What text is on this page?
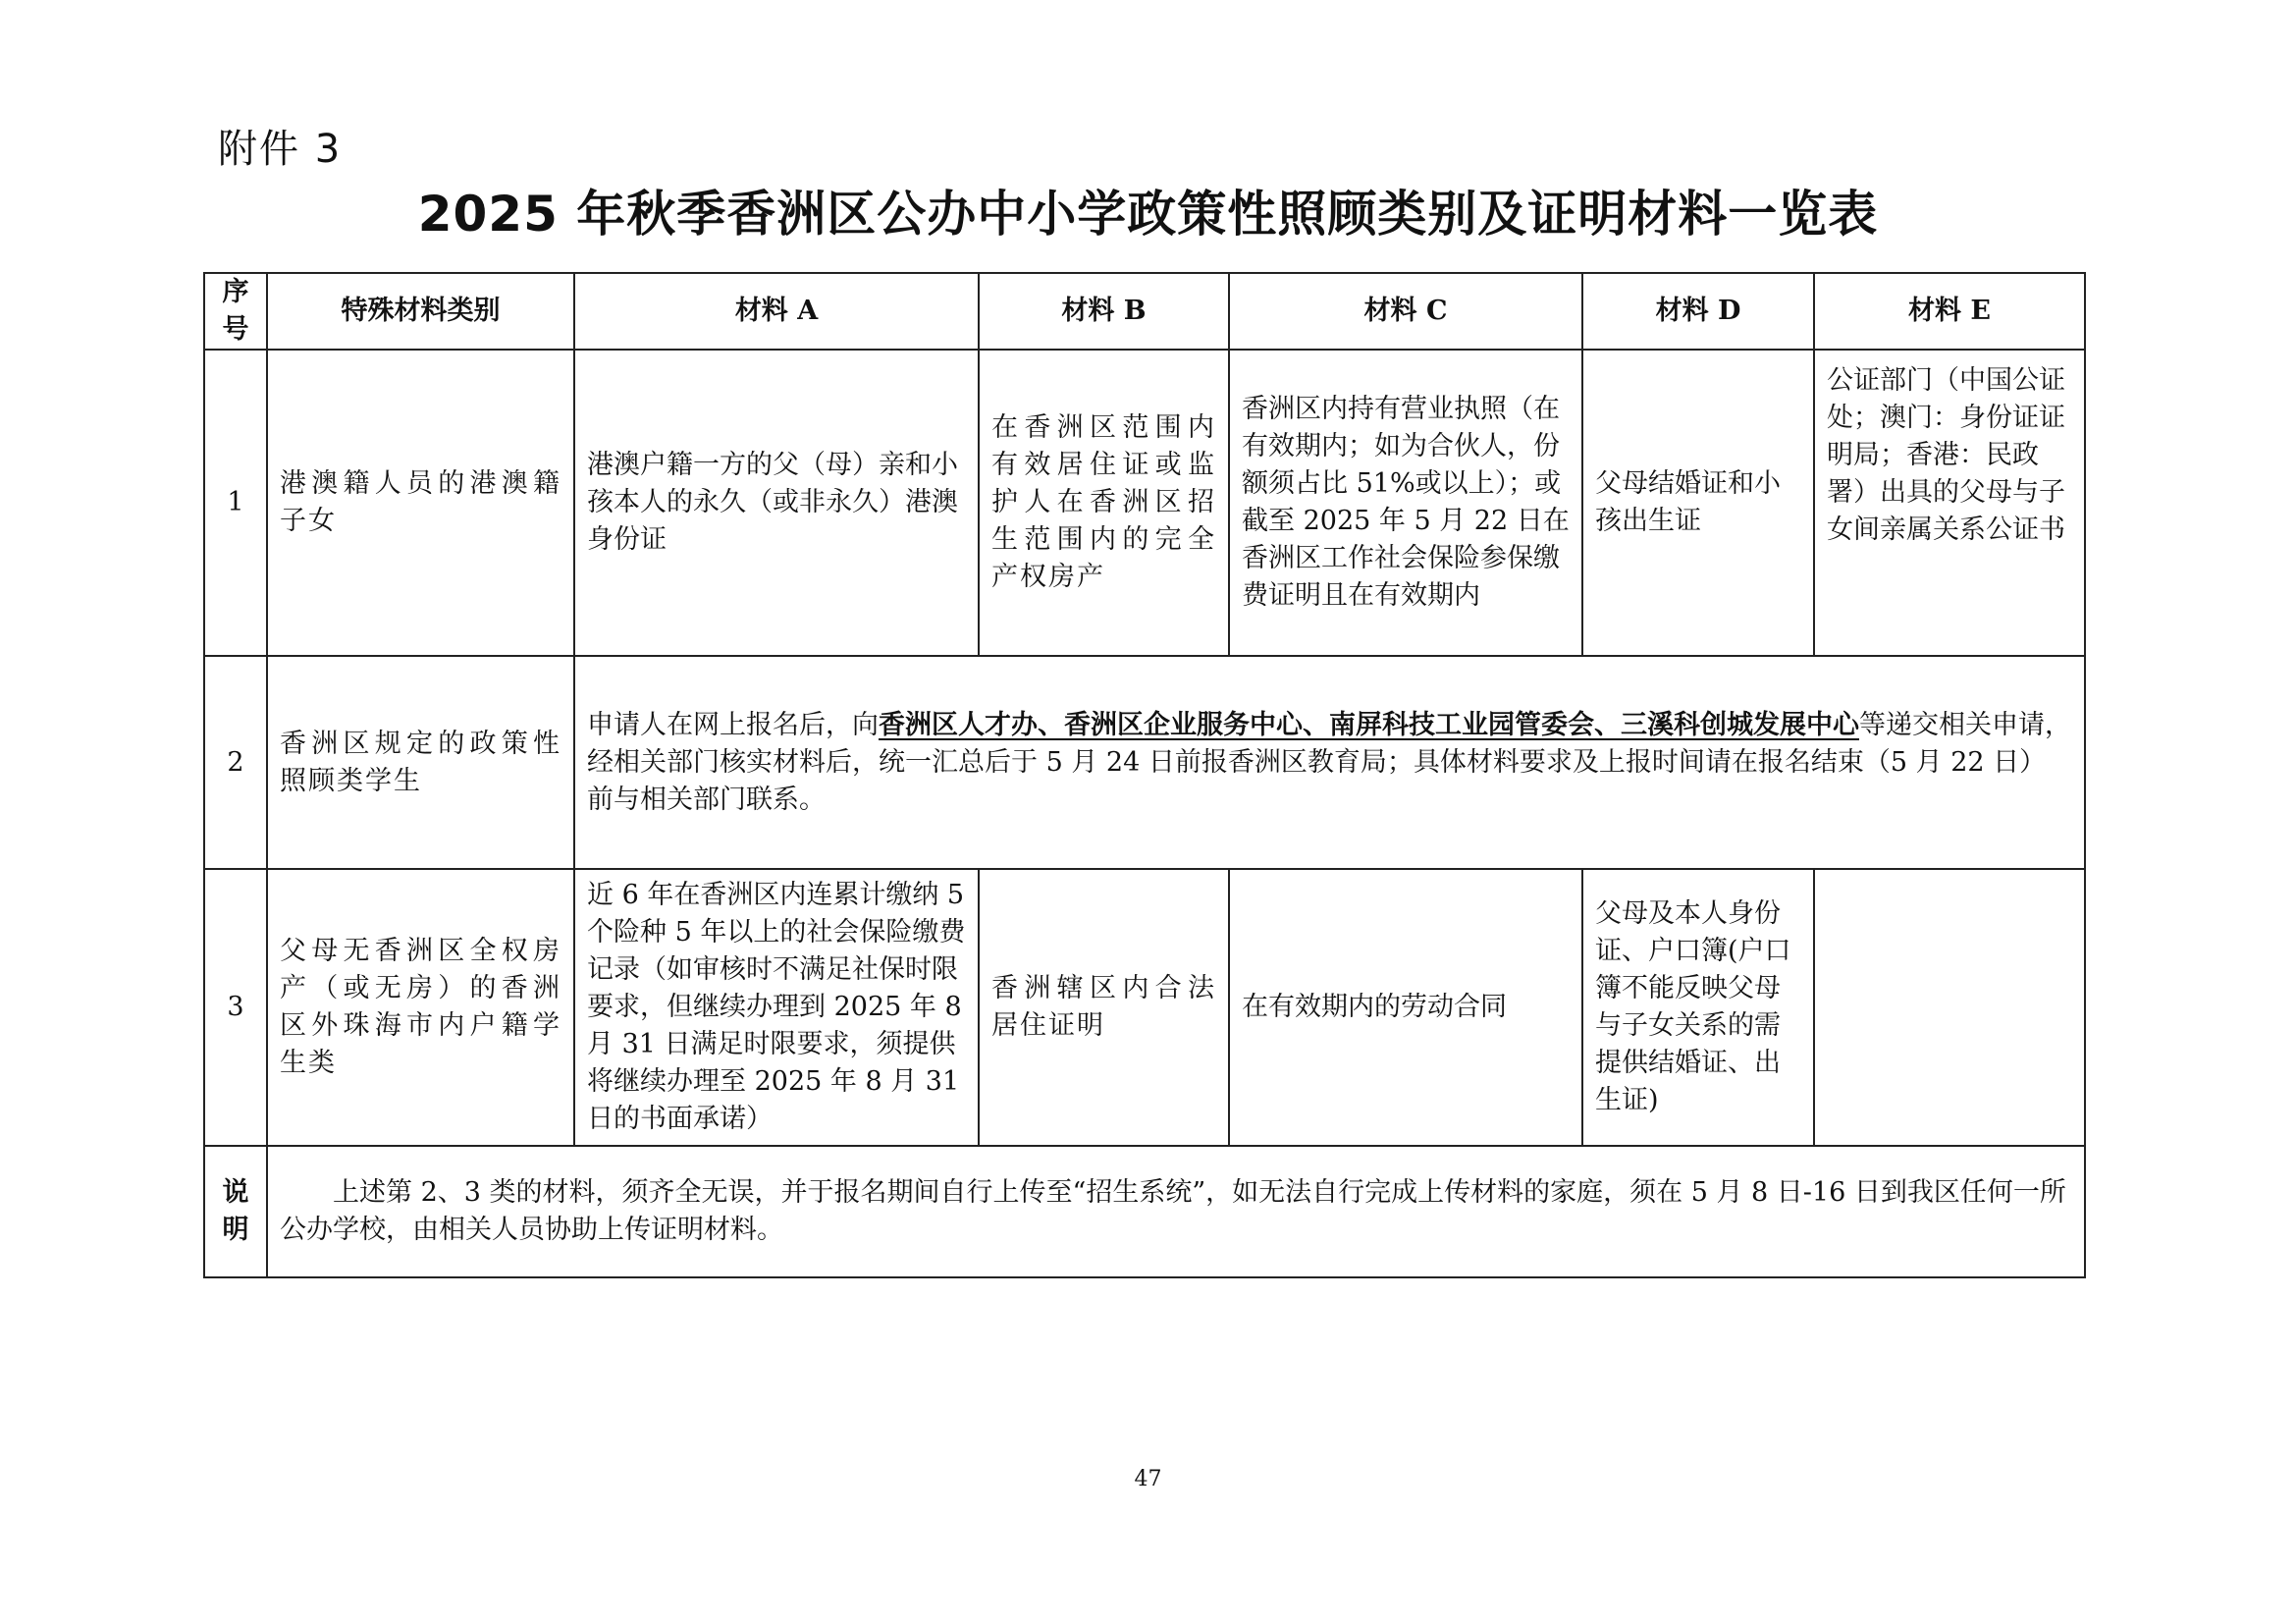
附件 3
2025 年秋季香洲区公办中小学政策性照顾类别及证明材料一览表
序号	特殊材料类别	材料 A	材料 B	材料 C	材料 D	材料 E
1	港澳籍人员的港澳籍子女	港澳户籍一方的父（母）亲和小孩本人的永久（或非永久）港澳身份证	在香洲区范围内有效居住证或监护人在香洲区招生范围内的完全产权房产	香洲区内持有营业执照（在有效期内；如为合伙人，份额须占比 51%或以上）；或截至 2025 年 5 月 22 日在香洲区工作社会保险参保缴费证明且在有效期内	父母结婚证和小孩出生证	公证部门（中国公证处；澳门：身份证证明局；香港：民政署）出具的父母与子女间亲属关系公证书
2	香洲区规定的政策性照顾类学生	申请人在网上报名后，向香洲区人才办、香洲区企业服务中心、南屏科技工业园管委会、三溪科创城发展中心等递交相关申请，经相关部门核实材料后，统一汇总后于 5 月 24 日前报香洲区教育局；具体材料要求及上报时间请在报名结束（5 月 22 日）前与相关部门联系。				
3	父母无香洲区全权房产（或无房）的香洲区外珠海市内户籍学生类	近 6 年在香洲区内连累计缴纳 5 个险种 5 年以上的社会保险缴费记录（如审核时不满足社保时限要求，但继续办理到 2025 年 8 月 31 日满足时限要求，须提供将继续办理至 2025 年 8 月 31 日的书面承诺）	香洲辖区内合法居住证明	在有效期内的劳动合同	父母及本人身份证、户口簿(户口簿不能反映父母与子女关系的需提供结婚证、出生证)	
说明	上述第 2、3 类的材料，须齐全无误，并于报名期间自行上传至“招生系统”，如无法自行完成上传材料的家庭，须在 5 月 8 日-16 日到我区任何一所公办学校，由相关人员协助上传证明材料。					
47
